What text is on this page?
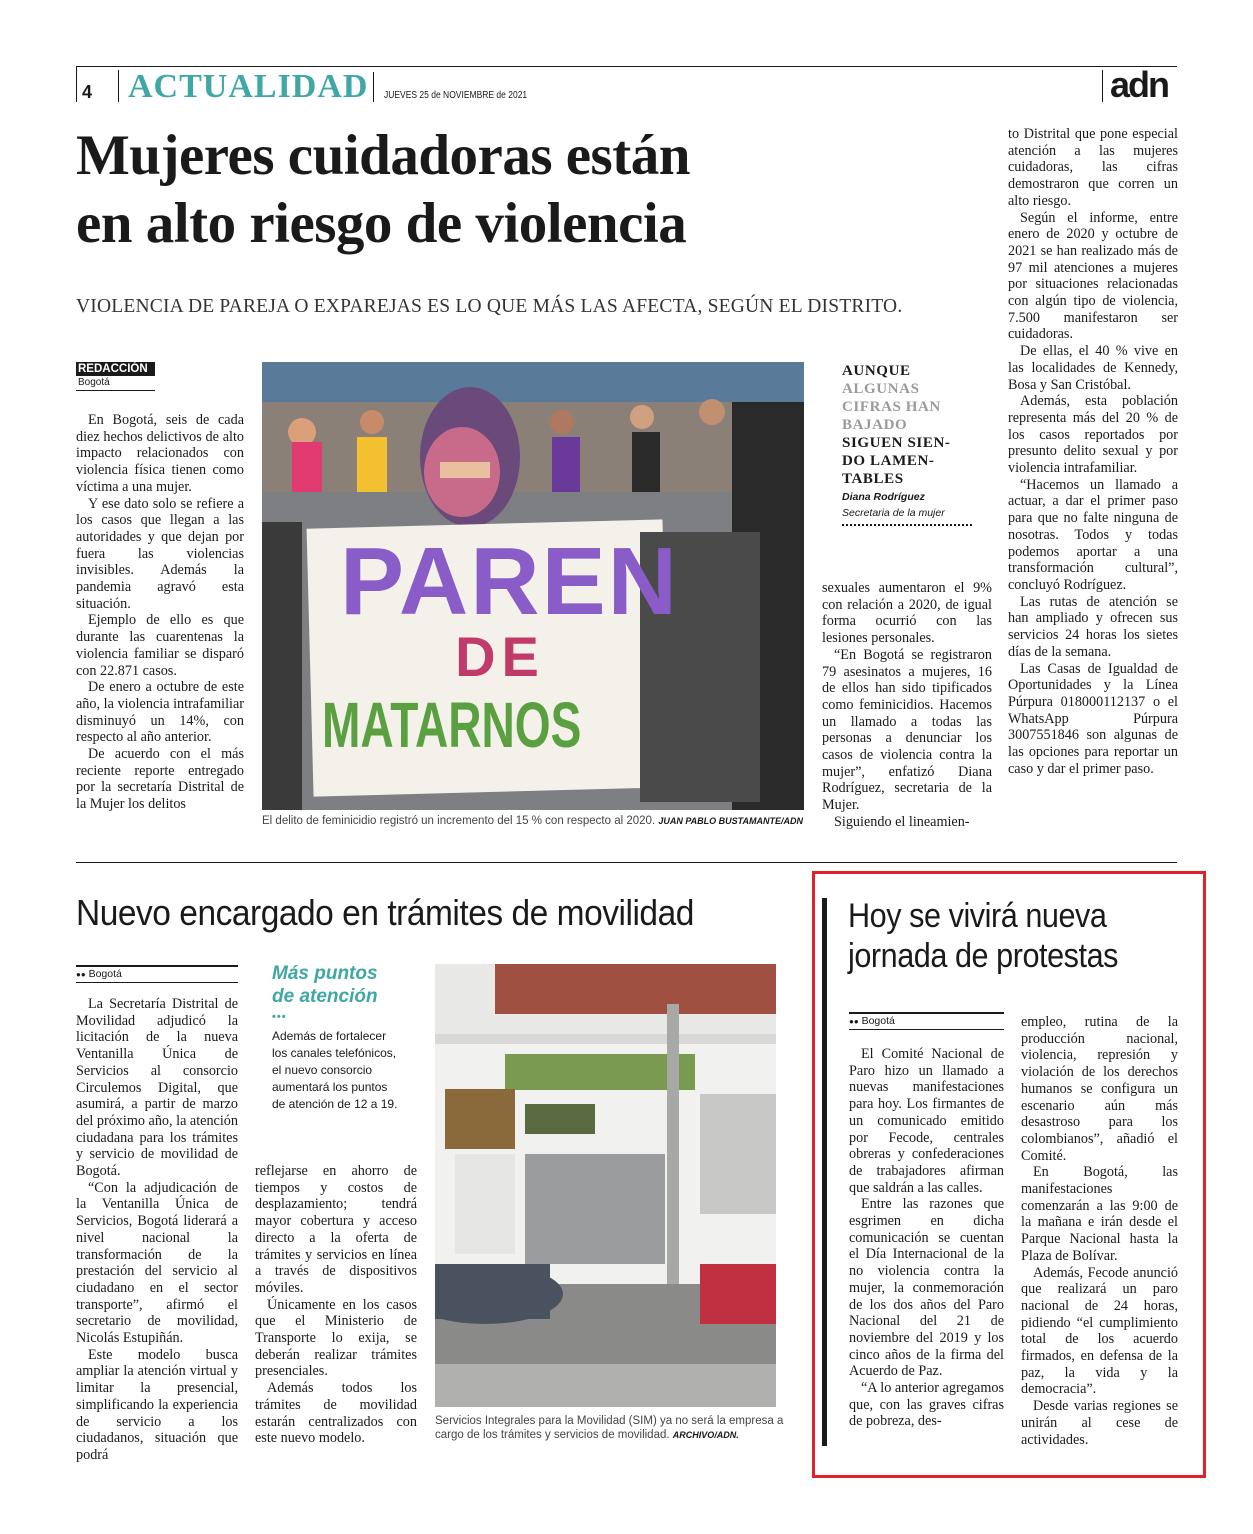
4 ACTUALIDAD JUEVES 25 de NOVIEMBRE de 2021	adn
Mujeres cuidadoras están
en alto riesgo de violencia
VIOLENCIA DE PAREJA O EXPAREJAS ES LO QUE MÁS LAS AFECTA, SEGÚN EL DISTRITO.
REDACCIÓN
Bogotá

En Bogotá, seis de cada diez hechos delictivos de alto impacto relacionados con violencia física tienen como víctima a una mujer.

Y ese dato solo se refiere a los casos que llegan a las autoridades y que dejan por fuera las violencias invisibles. Además la pandemia agravó esta situación.

Ejemplo de ello es que durante las cuarentenas la violencia familiar se disparó con 22.871 casos.

De enero a octubre de este año, la violencia intrafamiliar disminuyó un 14%, con respecto al año anterior.

De acuerdo con el más reciente reporte entregado por la secretaría Distrital de la Mujer los delitos

PAREN
DE
MATARNOS
El delito de feminicidio registró un incremento del 15 % con respecto al 2020. JUAN PABLO BUSTAMANTE/ADN
AUNQUE
ALGUNAS
CIFRAS HAN
BAJADO
SIGUEN SIEN-
DO LAMEN-
TABLES
Diana Rodríguez
Secretaria de la mujer

sexuales aumentaron el 9% con relación a 2020, de igual forma ocurrió con las lesiones personales.

“En Bogotá se registraron 79 asesinatos a mujeres, 16 de ellos han sido tipificados como feminicidios. Hacemos un llamado a todas las personas a denunciar los casos de violencia contra la mujer”, enfatizó Diana Rodríguez, secretaria de la Mujer.

Siguiendo el lineamien-

to Distrital que pone especial atención a las mujeres cuidadoras, las cifras demostraron que corren un alto riesgo.

Según el informe, entre enero de 2020 y octubre de 2021 se han realizado más de 97 mil atenciones a mujeres por situaciones relacionadas con algún tipo de violencia, 7.500 manifestaron ser cuidadoras.

De ellas, el 40 % vive en las localidades de Kennedy, Bosa y San Cristóbal.

Además, esta población representa más del 20 % de los casos reportados por presunto delito sexual y por violencia intrafamiliar.

“Hacemos un llamado a actuar, a dar el primer paso para que no falte ninguna de nosotras. Todos y todas podemos aportar a una transformación cultural”, concluyó Rodríguez.

Las rutas de atención se han ampliado y ofrecen sus servicios 24 horas los sietes días de la semana.

Las Casas de Igualdad de Oportunidades y la Línea Púrpura 018000112137 o el WhatsApp Púrpura 3007551846 son algunas de las opciones para reportar un caso y dar el primer paso.

Nuevo encargado en trámites de movilidad
●● Bogotá

La Secretaría Distrital de Movilidad adjudicó la licitación de la nueva Ventanilla Única de Servicios al consorcio Circulemos Digital, que asumirá, a partir de marzo del próximo año, la atención ciudadana para los trámites y servicio de movilidad de Bogotá.

“Con la adjudicación de la Ventanilla Única de Servicios, Bogotá liderará a nivel nacional la transformación de la prestación del servicio al ciudadano en el sector transporte”, afirmó el secretario de movilidad, Nicolás Estupiñán.

Este modelo busca ampliar la atención virtual y limitar la presencial, simplificando la experiencia de servicio a los ciudadanos, situación que podrá

Más puntos
de atención
•••
Además de fortalecer los canales telefónicos, el nuevo consorcio aumentará los puntos de atención de 12 a 19.

reflejarse en ahorro de tiempos y costos de desplazamiento; tendrá mayor cobertura y acceso directo a la oferta de trámites y servicios en línea a través de dispositivos móviles.

Únicamente en los casos que el Ministerio de Transporte lo exija, se deberán realizar trámites presenciales.

Además todos los trámites de movilidad estarán centralizados con este nuevo modelo.

Servicios Integrales para la Movilidad (SIM) ya no será la empresa a cargo de los trámites y servicios de movilidad. ARCHIVO/ADN.
Hoy se vivirá nueva
jornada de protestas
●● Bogotá

El Comité Nacional de Paro hizo un llamado a nuevas manifestaciones para hoy. Los firmantes de un comunicado emitido por Fecode, centrales obreras y confederaciones de trabajadores afirman que saldrán a las calles.

Entre las razones que esgrimen en dicha comunicación se cuentan el Día Internacional de la no violencia contra la mujer, la conmemoración de los dos años del Paro Nacional del 21 de noviembre del 2019 y los cinco años de la firma del Acuerdo de Paz.

“A lo anterior agregamos que, con las graves cifras de pobreza, des-

empleo, rutina de la producción nacional, violencia, represión y violación de los derechos humanos se configura un escenario aún más desastroso para los colombianos”, añadió el Comité.

En Bogotá, las manifestaciones comenzarán a las 9:00 de la mañana e irán desde el Parque Nacional hasta la Plaza de Bolívar.

Además, Fecode anunció que realizará un paro nacional de 24 horas, pidiendo “el cumplimiento total de los acuerdo firmados, en defensa de la paz, la vida y la democracia”.

Desde varias regiones se unirán al cese de actividades.
